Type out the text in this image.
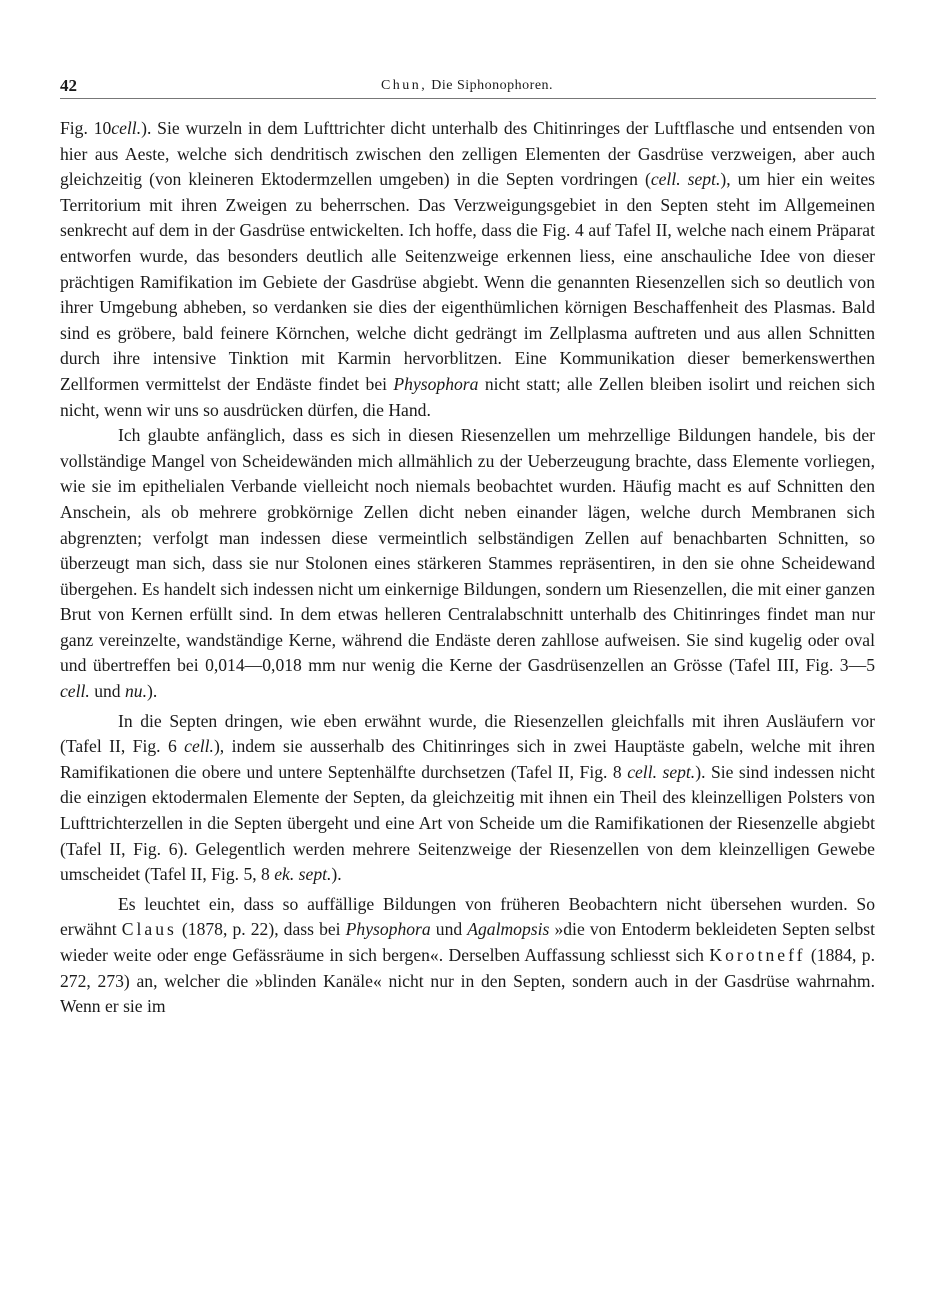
42	Chun, Die Siphonophoren.

Fig. 10cell.). Sie wurzeln in dem Lufttrichter dicht unterhalb des Chitinringes der Luftflasche und entsenden von hier aus Aeste, welche sich dendritisch zwischen den zelligen Elementen der Gasdrüse verzweigen, aber auch gleichzeitig (von kleineren Ektodermzellen umgeben) in die Septen vordringen (cell. sept.), um hier ein weites Territorium mit ihren Zweigen zu beherrschen. Das Verzweigungsgebiet in den Septen steht im Allgemeinen senkrecht auf dem in der Gasdrüse entwickelten. Ich hoffe, dass die Fig. 4 auf Tafel II, welche nach einem Präparat entworfen wurde, das besonders deutlich alle Seitenzweige erkennen liess, eine anschauliche Idee von dieser prächtigen Ramifikation im Gebiete der Gasdrüse abgiebt. Wenn die genannten Riesenzellen sich so deutlich von ihrer Umgebung abheben, so verdanken sie dies der eigenthümlichen körnigen Beschaffenheit des Plasmas. Bald sind es gröbere, bald feinere Körnchen, welche dicht gedrängt im Zellplasma auftreten und aus allen Schnitten durch ihre intensive Tinktion mit Karmin hervorblitzen. Eine Kommunikation dieser bemerkenswerthen Zellformen vermittelst der Endäste findet bei Physophora nicht statt; alle Zellen bleiben isolirt und reichen sich nicht, wenn wir uns so ausdrücken dürfen, die Hand.

Ich glaubte anfänglich, dass es sich in diesen Riesenzellen um mehrzellige Bildungen handele, bis der vollständige Mangel von Scheidewänden mich allmählich zu der Ueberzeugung brachte, dass Elemente vorliegen, wie sie im epithelialen Verbande vielleicht noch niemals beobachtet wurden. Häufig macht es auf Schnitten den Anschein, als ob mehrere grobkörnige Zellen dicht neben einander lägen, welche durch Membranen sich abgrenzten; verfolgt man indessen diese vermeintlich selbständigen Zellen auf benachbarten Schnitten, so überzeugt man sich, dass sie nur Stolonen eines stärkeren Stammes repräsentiren, in den sie ohne Scheidewand übergehen. Es handelt sich indessen nicht um einkernige Bildungen, sondern um Riesenzellen, die mit einer ganzen Brut von Kernen erfüllt sind. In dem etwas helleren Centralabschnitt unterhalb des Chitinringes findet man nur ganz vereinzelte, wandständige Kerne, während die Endäste deren zahllose aufweisen. Sie sind kugelig oder oval und übertreffen bei 0,014—0,018 mm nur wenig die Kerne der Gasdrüsenzellen an Grösse (Tafel III, Fig. 3—5 cell. und nu.).

In die Septen dringen, wie eben erwähnt wurde, die Riesenzellen gleichfalls mit ihren Ausläufern vor (Tafel II, Fig. 6 cell.), indem sie ausserhalb des Chitinringes sich in zwei Hauptäste gabeln, welche mit ihren Ramifikationen die obere und untere Septenhälfte durchsetzen (Tafel II, Fig. 8 cell. sept.). Sie sind indessen nicht die einzigen ektodermalen Elemente der Septen, da gleichzeitig mit ihnen ein Theil des kleinzelligen Polsters von Lufttrichterzellen in die Septen übergeht und eine Art von Scheide um die Ramifikationen der Riesenzelle abgiebt (Tafel II, Fig. 6). Gelegentlich werden mehrere Seitenzweige der Riesenzellen von dem kleinzelligen Gewebe umscheidet (Tafel II, Fig. 5, 8 ek. sept.).

Es leuchtet ein, dass so auffällige Bildungen von früheren Beobachtern nicht übersehen wurden. So erwähnt Claus (1878, p. 22), dass bei Physophora und Agalmopsis »die von Entoderm bekleideten Septen selbst wieder weite oder enge Gefässräume in sich bergen«. Derselben Auffassung schliesst sich Korotneff (1884, p. 272, 273) an, welcher die »blinden Kanäle« nicht nur in den Septen, sondern auch in der Gasdrüse wahrnahm. Wenn er sie im
